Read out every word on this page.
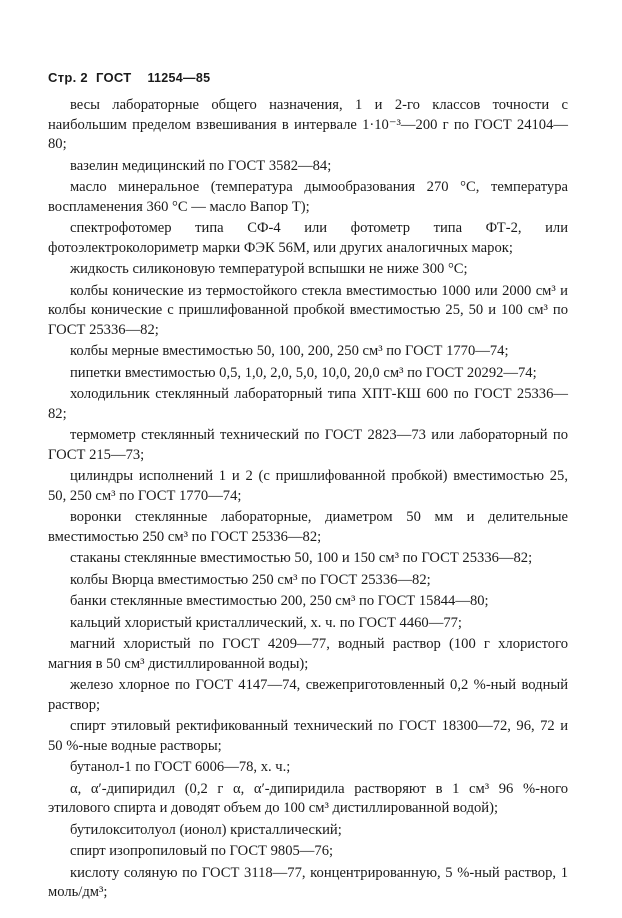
Стр. 2 ГОСТ 11254—85

весы лабораторные общего назначения, 1 и 2-го классов точности с наибольшим пределом взвешивания в интервале 1·10⁻³—200 г по ГОСТ 24104—80;

вазелин медицинский по ГОСТ 3582—84;

масло минеральное (температура дымообразования 270 °С, температура воспламенения 360 °С — масло Вапор Т);

спектрофотомер типа СФ-4 или фотометр типа ФТ-2, или фотоэлектроколориметр марки ФЭК 56М, или других аналогичных марок;

жидкость силиконовую температурой вспышки не ниже 300 °С;

колбы конические из термостойкого стекла вместимостью 1000 или 2000 см³ и колбы конические с пришлифованной пробкой вместимостью 25, 50 и 100 см³ по ГОСТ 25336—82;

колбы мерные вместимостью 50, 100, 200, 250 см³ по ГОСТ 1770—74;

пипетки вместимостью 0,5, 1,0, 2,0, 5,0, 10,0, 20,0 см³ по ГОСТ 20292—74;

холодильник стеклянный лабораторный типа ХПТ-КШ 600 по ГОСТ 25336—82;

термометр стеклянный технический по ГОСТ 2823—73 или лабораторный по ГОСТ 215—73;

цилиндры исполнений 1 и 2 (с пришлифованной пробкой) вместимостью 25, 50, 250 см³ по ГОСТ 1770—74;

воронки стеклянные лабораторные, диаметром 50 мм и делительные вместимостью 250 см³ по ГОСТ 25336—82;

стаканы стеклянные вместимостью 50, 100 и 150 см³ по ГОСТ 25336—82;

колбы Вюрца вместимостью 250 см³ по ГОСТ 25336—82;

банки стеклянные вместимостью 200, 250 см³ по ГОСТ 15844—80;

кальций хлористый кристаллический, х. ч. по ГОСТ 4460—77;

магний хлористый по ГОСТ 4209—77, водный раствор (100 г хлористого магния в 50 см³ дистиллированной воды);

железо хлорное по ГОСТ 4147—74, свежеприготовленный 0,2 %-ный водный раствор;

спирт этиловый ректификованный технический по ГОСТ 18300—72, 96, 72 и 50 %-ные водные растворы;

бутанол-1 по ГОСТ 6006—78, х. ч.;

α, α′-дипиридил (0,2 г α, α′-дипиридила растворяют в 1 см³ 96 %-ного этилового спирта и доводят объем до 100 см³ дистиллированной водой);

бутилокситолуол (ионол) кристаллический;

спирт изопропиловый по ГОСТ 9805—76;

кислоту соляную по ГОСТ 3118—77, концентрированную, 5 %-ный раствор, 1 моль/дм³;
